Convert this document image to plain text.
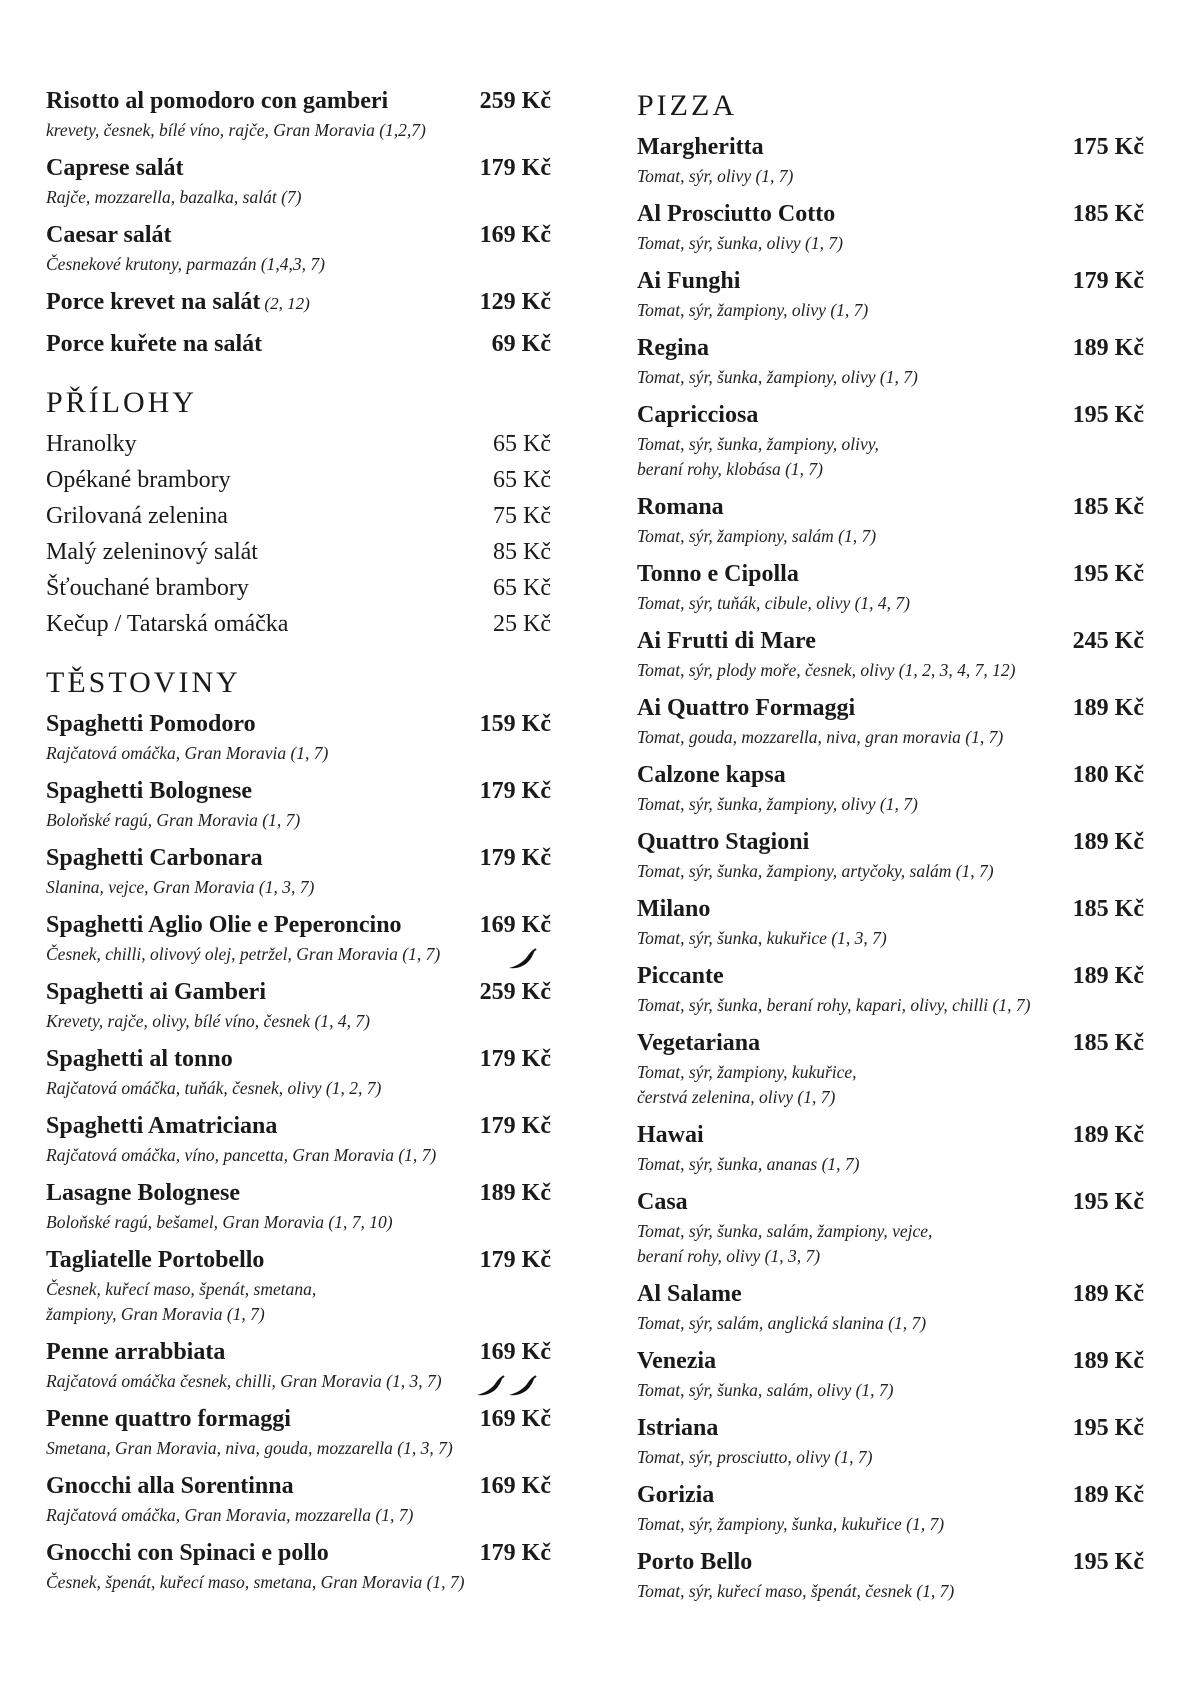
Risotto al pomodoro con gamberi	259 Kč
krevety, česnek, bílé víno, rajče, Gran Moravia (1,2,7)
Caprese salát	179 Kč
Rajče, mozzarella, bazalka, salát (7)
Caesar salát	169 Kč
Česnekové krutony, parmazán (1,4,3, 7)
Porce krevet na salát (2, 12)	129 Kč
Porce kuřete na salát	69 Kč
PŘÍLOHY
Hranolky	65 Kč
Opékané brambory	65 Kč
Grilovaná zelenina	75 Kč
Malý zeleninový salát	85 Kč
Šťouchané brambory	65 Kč
Kečup / Tatarská omáčka	25 Kč
TĚSTOVINY
Spaghetti Pomodoro	159 Kč
Rajčatová omáčka, Gran Moravia (1, 7)
Spaghetti Bolognese	179 Kč
Boloňské ragú, Gran Moravia (1, 7)
Spaghetti Carbonara	179 Kč
Slanina, vejce, Gran Moravia (1, 3, 7)
Spaghetti Aglio Olie e Peperoncino	169 Kč
Česnek, chilli, olivový olej, petržel, Gran Moravia (1, 7)
Spaghetti ai Gamberi	259 Kč
Krevety, rajče, olivy, bílé víno, česnek (1, 4, 7)
Spaghetti al tonno	179 Kč
Rajčatová omáčka, tuňák, česnek, olivy (1, 2, 7)
Spaghetti Amatriciana	179 Kč
Rajčatová omáčka, víno, pancetta, Gran Moravia (1, 7)
Lasagne Bolognese	189 Kč
Boloňské ragú, bešamel, Gran Moravia (1, 7, 10)
Tagliatelle Portobello	179 Kč
Česnek, kuřecí maso, špenát, smetana,
žampiony, Gran Moravia (1, 7)
Penne arrabbiata	169 Kč
Rajčatová omáčka česnek, chilli, Gran Moravia (1, 3, 7)
Penne quattro formaggi	169 Kč
Smetana, Gran Moravia, niva, gouda, mozzarella (1, 3, 7)
Gnocchi alla Sorentinna	169 Kč
Rajčatová omáčka, Gran Moravia, mozzarella (1, 7)
Gnocchi con Spinaci e pollo	179 Kč
Česnek, špenát, kuřecí maso, smetana, Gran Moravia (1, 7)
PIZZA
Margheritta	175 Kč
Tomat, sýr, olivy (1, 7)
Al Prosciutto Cotto	185 Kč
Tomat, sýr, šunka, olivy (1, 7)
Ai Funghi	179 Kč
Tomat, sýr, žampiony, olivy (1, 7)
Regina	189 Kč
Tomat, sýr, šunka, žampiony, olivy (1, 7)
Capricciosa	195 Kč
Tomat, sýr, šunka, žampiony, olivy,
beraní rohy, klobása (1, 7)
Romana	185 Kč
Tomat, sýr, žampiony, salám (1, 7)
Tonno e Cipolla	195 Kč
Tomat, sýr, tuňák, cibule, olivy (1, 4, 7)
Ai Frutti di Mare	245 Kč
Tomat, sýr, plody moře, česnek, olivy (1, 2, 3, 4, 7, 12)
Ai Quattro Formaggi	189 Kč
Tomat, gouda, mozzarella, niva, gran moravia (1, 7)
Calzone kapsa	180 Kč
Tomat, sýr, šunka, žampiony, olivy (1, 7)
Quattro Stagioni	189 Kč
Tomat, sýr, šunka, žampiony, artyčoky, salám (1, 7)
Milano	185 Kč
Tomat, sýr, šunka, kukuřice (1, 3, 7)
Piccante	189 Kč
Tomat, sýr, šunka, beraní rohy, kapari, olivy, chilli (1, 7)
Vegetariana	185 Kč
Tomat, sýr, žampiony, kukuřice,
čerstvá zelenina, olivy (1, 7)
Hawai	189 Kč
Tomat, sýr, šunka, ananas (1, 7)
Casa	195 Kč
Tomat, sýr, šunka, salám, žampiony, vejce,
beraní rohy, olivy (1, 3, 7)
Al Salame	189 Kč
Tomat, sýr, salám, anglická slanina (1, 7)
Venezia	189 Kč
Tomat, sýr, šunka, salám, olivy (1, 7)
Istriana	195 Kč
Tomat, sýr, prosciutto, olivy (1, 7)
Gorizia	189 Kč
Tomat, sýr, žampiony, šunka, kukuřice (1, 7)
Porto Bello	195 Kč
Tomat, sýr, kuřecí maso, špenát, česnek (1, 7)
